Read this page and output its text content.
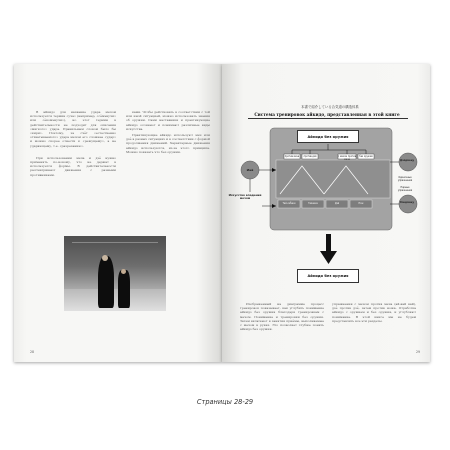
В айкидо для название удара мечом используется термин «уча» (например, «сёмэнучи» или «ёкомэнучи»), но этот термин в действительности не подходит для описания «мягкого» удара. Правильным словом было бы «кири». Поэтому, за счёт «естественно отхватываемого» удара мечом его сложнее «удар» и можно скорее отнести к «режущему», а не ударяющему, т.е. «разрезанию».

При использовании меча и дзё нужно применять по-новому, что не держат в используется формы. В действительности рассматривают движения с разными противниками.

ками. Чтобы действовать в соответствии с той или иной ситуацией, можно использовать знания об оружии. Сами наставники и практикующие айкидо осознают и понимают различные виды искусства.

Практикующие айкидо используют меч или дзё в разных ситуациях и в соответствии с формой продолжения движений. Характерные движения айкидо используются, из-за этого принципа. Можно показать что без оружия.

28
本書で紹介している合気道の構造体系
Система тренировок айкидо, представленная в этой книге
Айкидо без оружия
Айкидо без оружия
Иай
Искусство владения мечом
Дзёдзюцу
Кэндзюцу
против меча	против дзё	с мечом против меча
без оружия
Тай-сабаки	Техника	Дзё	Нож
Одиночные упражнения
Парные упражнения

Изображенный на диаграмме процесс тренировок показывает, как углубить понимание айкидо без оружия благодаря тренировкам с мечом. Понимание и тренировки без оружия. Затем включают в занятия приёмы, выполняемые с мечом в руках. Это позволяет глубже понять айкидо без оружия.

упражнения с мечом против меча (ай-вай вай), дзё против дзё, затем против ножа. Отработка айкидо с оружием и без оружия, и углубляют понимание. В этой книге мы не будем представлять все эти разделы.

29
Страницы 28-29
